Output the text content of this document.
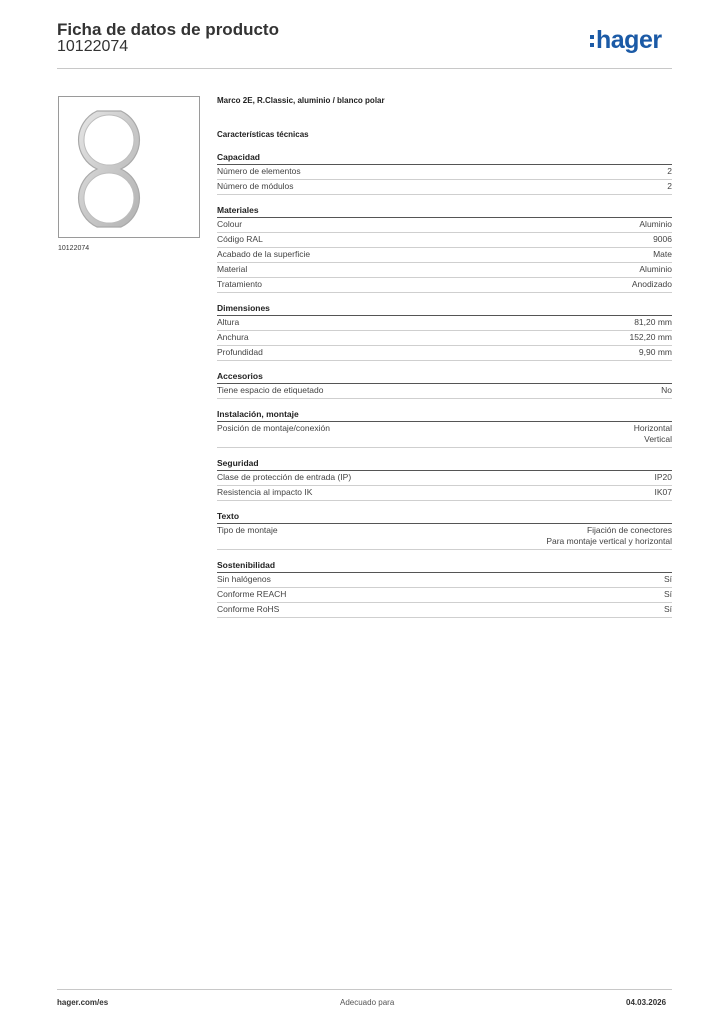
Ficha de datos de producto
10122074	hager
10122074
Marco 2E, R.Classic, aluminio / blanco polar
Características técnicas
Capacidad
Número de elementos	2
Número de módulos	2
Materiales
Colour	Aluminio
Código RAL	9006
Acabado de la superficie	Mate
Material	Aluminio
Tratamiento	Anodizado
Dimensiones
Altura	81,20 mm
Anchura	152,20 mm
Profundidad	9,90 mm
Accesorios
Tiene espacio de etiquetado	No
Instalación, montaje
Posición de montaje/conexión	Horizontal
Vertical
Seguridad
Clase de protección de entrada (IP)	IP20
Resistencia al impacto IK	IK07
Texto
Tipo de montaje	Fijación de conectores
Para montaje vertical y horizontal
Sostenibilidad
Sin halógenos	Sí
Conforme REACH	Sí
Conforme RoHS	Sí
hager.com/es	Adecuado para	04.03.2026
